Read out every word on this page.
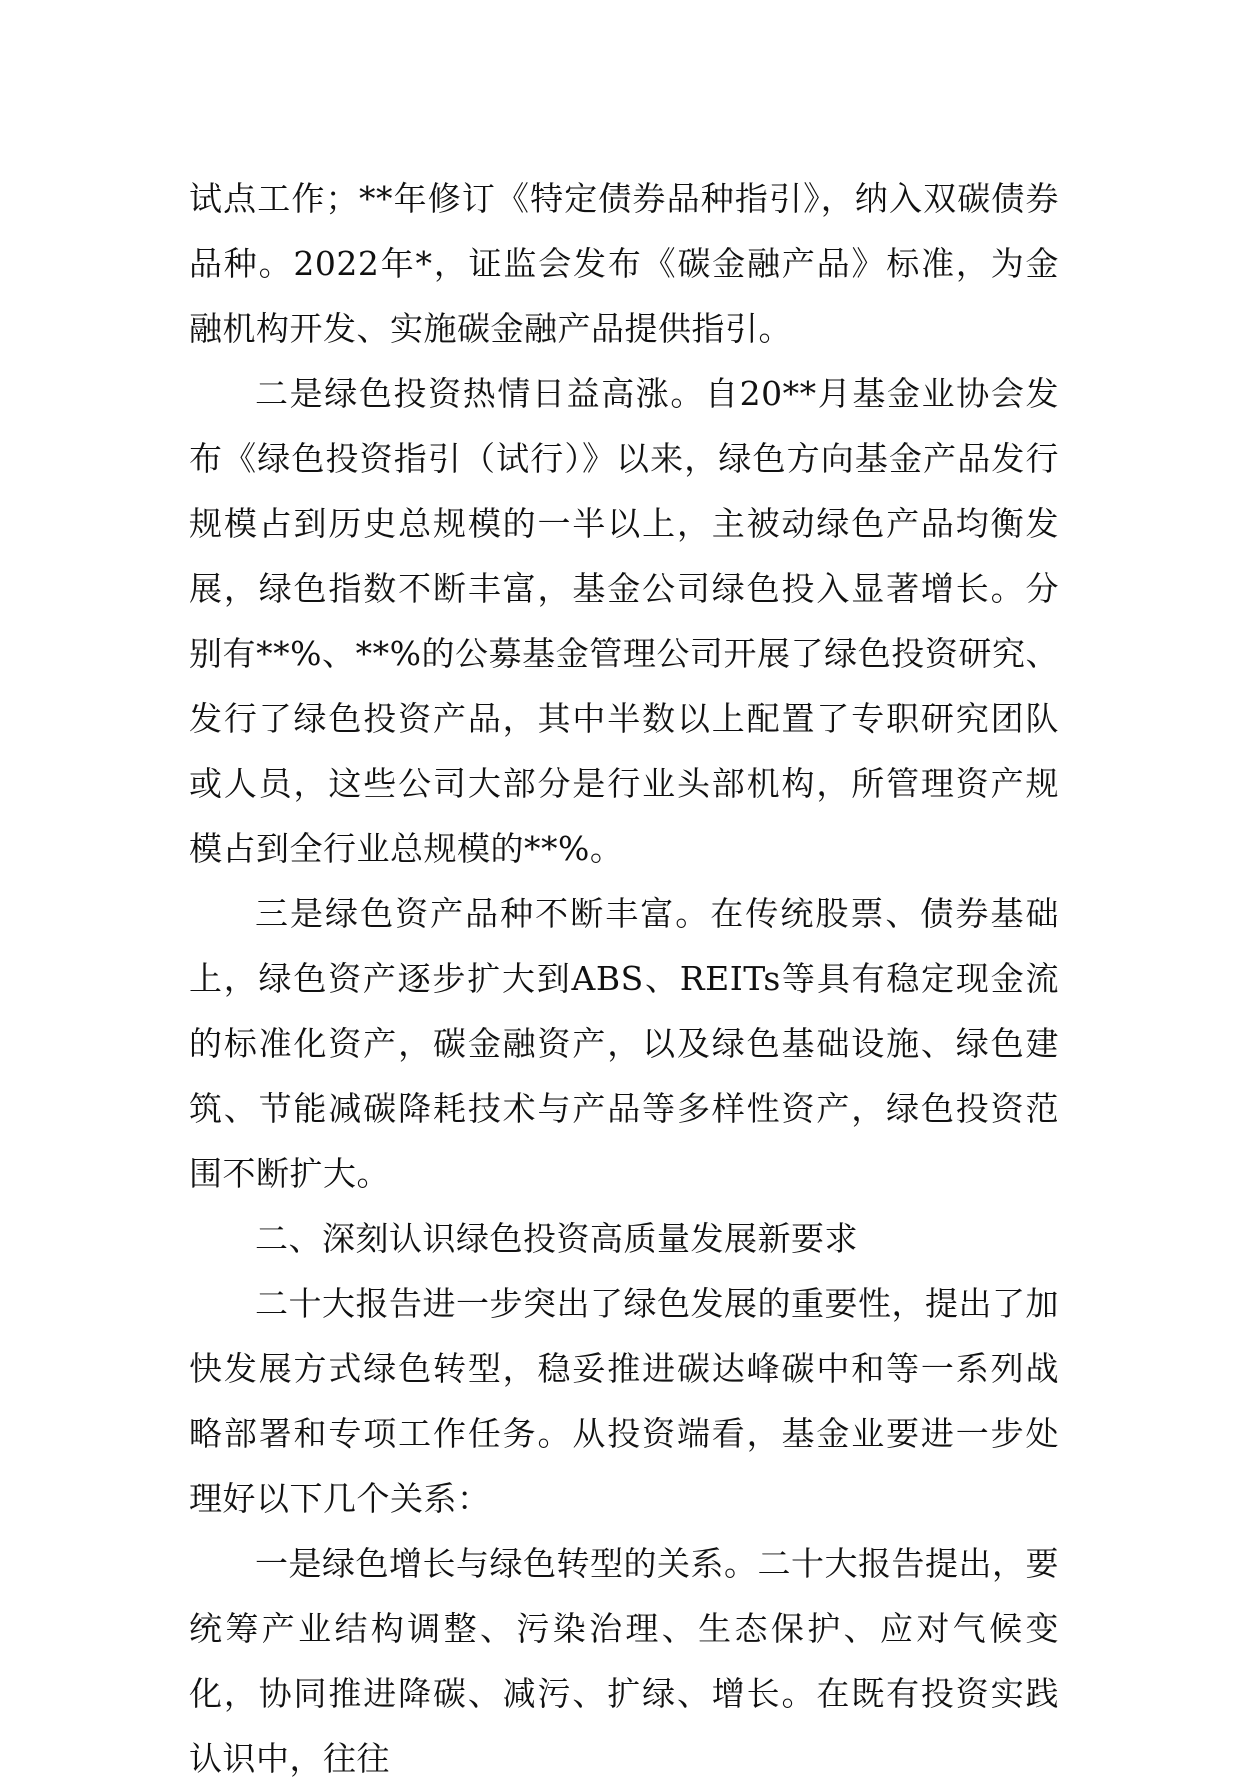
试点工作；**年修订《特定债券品种指引》，纳入双碳债券品种。2022年*，证监会发布《碳金融产品》标准，为金融机构开发、实施碳金融产品提供指引。

二是绿色投资热情日益高涨。自20**月基金业协会发布《绿色投资指引（试行）》以来，绿色方向基金产品发行规模占到历史总规模的一半以上，主被动绿色产品均衡发展，绿色指数不断丰富，基金公司绿色投入显著增长。分别有**%、**%的公募基金管理公司开展了绿色投资研究、发行了绿色投资产品，其中半数以上配置了专职研究团队或人员，这些公司大部分是行业头部机构，所管理资产规模占到全行业总规模的**%。

三是绿色资产品种不断丰富。在传统股票、债券基础上，绿色资产逐步扩大到ABS、REITs等具有稳定现金流的标准化资产，碳金融资产，以及绿色基础设施、绿色建筑、节能减碳降耗技术与产品等多样性资产，绿色投资范围不断扩大。

二、深刻认识绿色投资高质量发展新要求

二十大报告进一步突出了绿色发展的重要性，提出了加快发展方式绿色转型，稳妥推进碳达峰碳中和等一系列战略部署和专项工作任务。从投资端看，基金业要进一步处理好以下几个关系：

一是绿色增长与绿色转型的关系。二十大报告提出，要统筹产业结构调整、污染治理、生态保护、应对气候变化，协同推进降碳、减污、扩绿、增长。在既有投资实践认识中，往往
